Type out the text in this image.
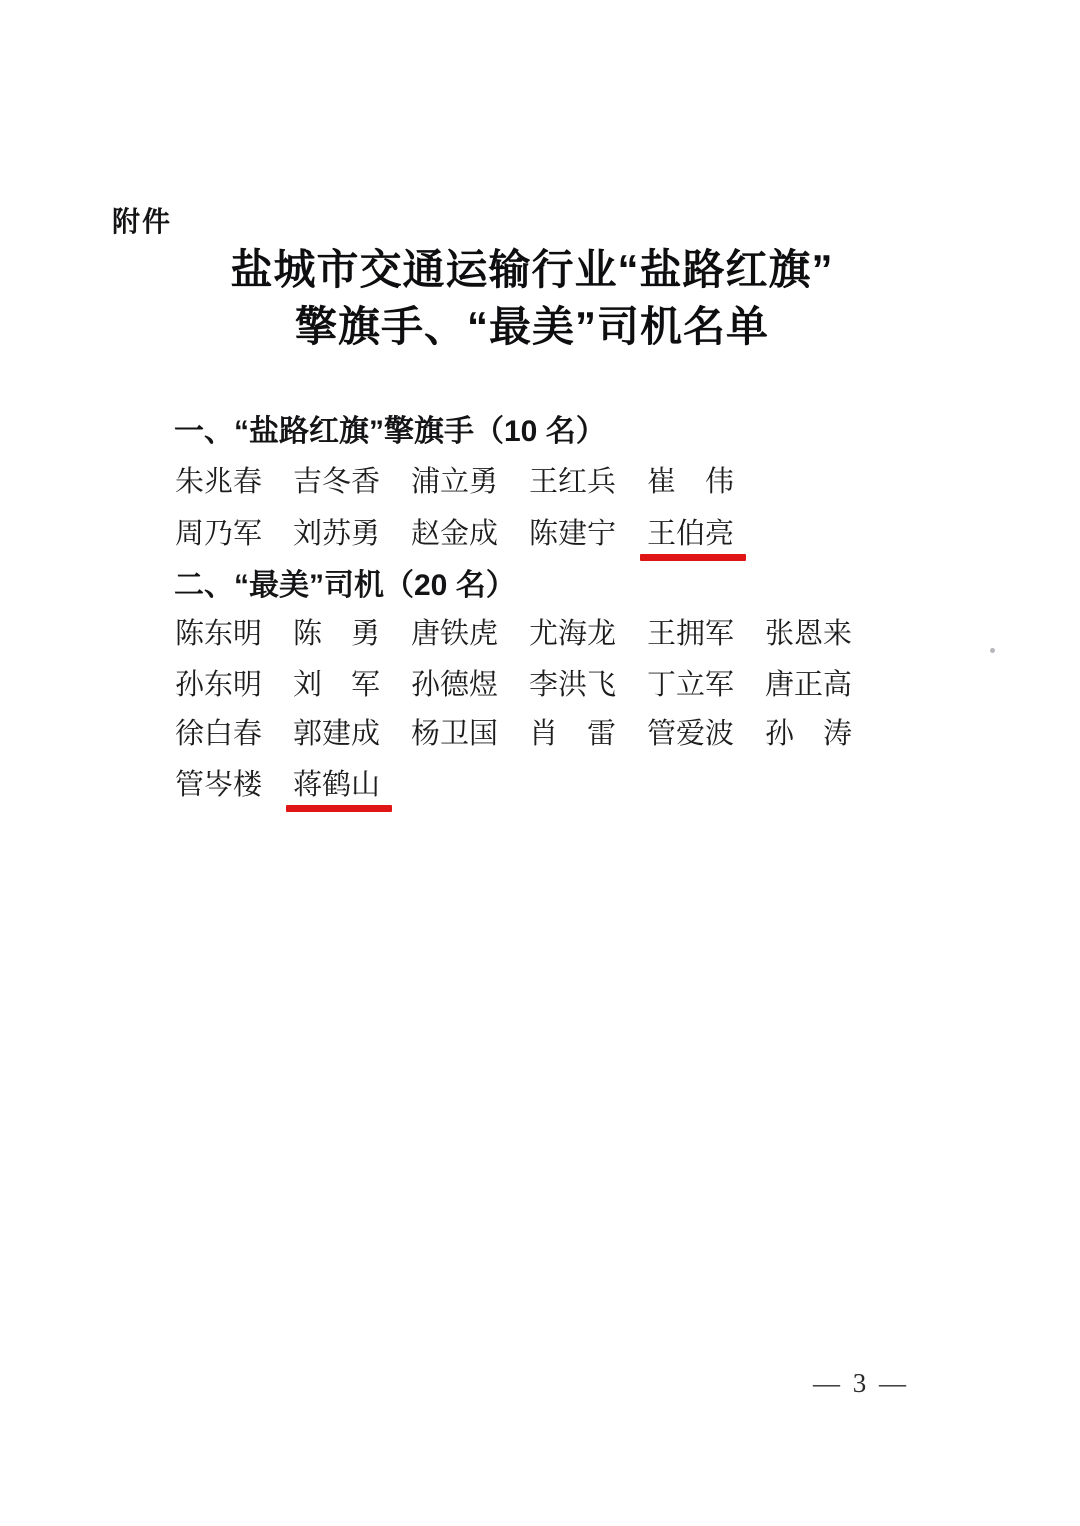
附件
盐城市交通运输行业“盐路红旗”
擎旗手、“最美”司机名单
一、“盐路红旗”擎旗手（10 名）
朱兆春 吉冬香 浦立勇 王红兵 崔　伟
周乃军 刘苏勇 赵金成 陈建宁 王伯亮
二、“最美”司机（20 名）
陈东明 陈　勇 唐铁虎 尤海龙 王拥军 张恩来
孙东明 刘　军 孙德煜 李洪飞 丁立军 唐正高
徐白春 郭建成 杨卫国 肖　雷 管爱波 孙　涛
管岑楼 蒋鹤山
— 3 —
